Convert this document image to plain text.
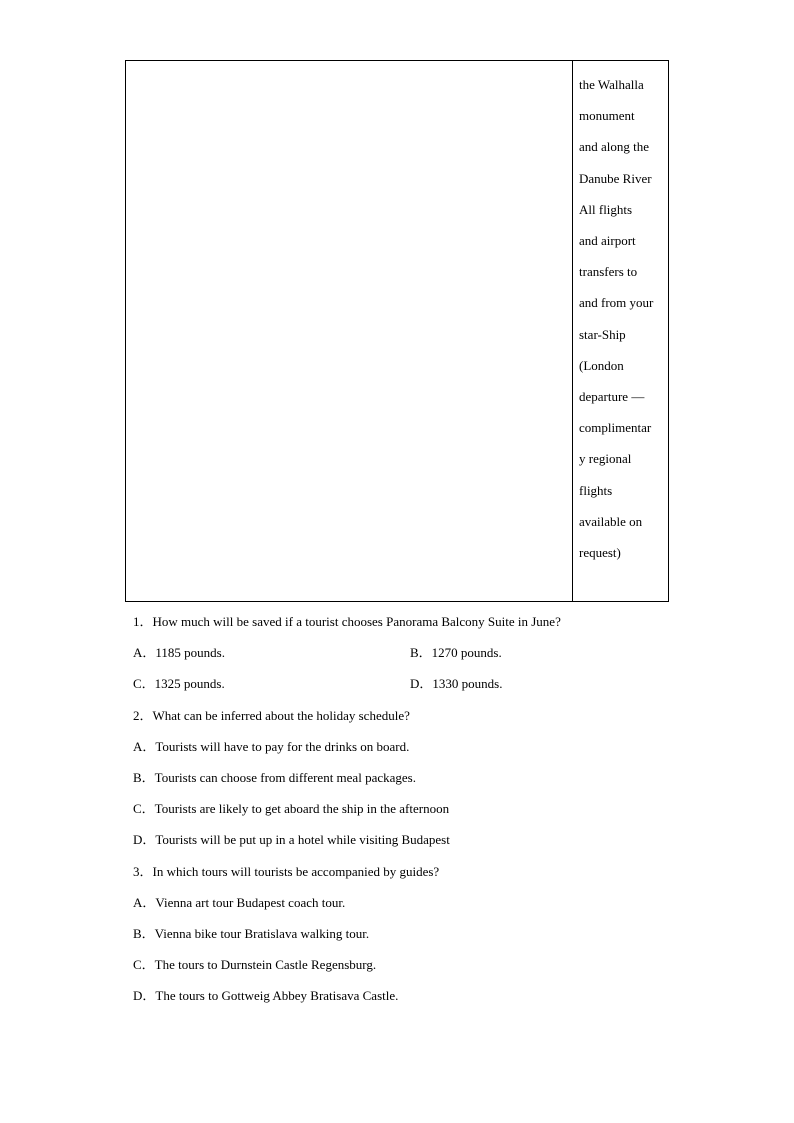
the Walhalla
monument
and along the
Danube River
All flights
and airport
transfers to
and from your
star-Ship
(London
departure —
complimentar
y regional
flights
available on
request)
1．How much will be saved if a tourist chooses Panorama Balcony Suite in June?
A．1185 pounds.	B．1270 pounds.
C．1325 pounds.	D．1330 pounds.
2．What can be inferred about the holiday schedule?
A．Tourists will have to pay for the drinks on board.
B．Tourists can choose from different meal packages.
C．Tourists are likely to get aboard the ship in the afternoon
D．Tourists will be put up in a hotel while visiting Budapest
3．In which tours will tourists be accompanied by guides?
A．Vienna art tour Budapest coach tour.
B．Vienna bike tour Bratislava walking tour.
C．The tours to Durnstein Castle Regensburg.
D．The tours to Gottweig Abbey Bratisava Castle.
